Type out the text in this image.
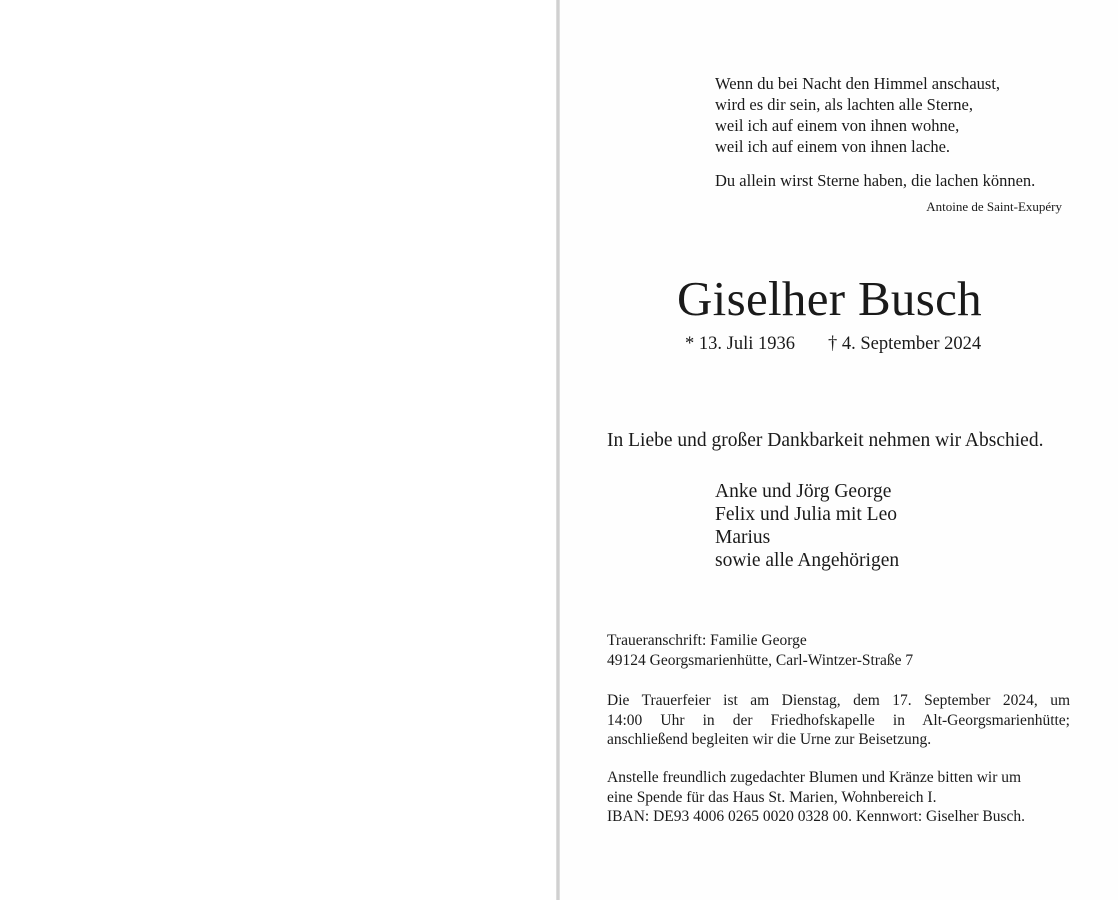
Wenn du bei Nacht den Himmel anschaust,
wird es dir sein, als lachten alle Sterne,
weil ich auf einem von ihnen wohne,
weil ich auf einem von ihnen lache.
Du allein wirst Sterne haben, die lachen können.
Antoine de Saint-Exupéry
Giselher Busch
* 13. Juli 1936 † 4. September 2024
In Liebe und großer Dankbarkeit nehmen wir Abschied.
Anke und Jörg George
Felix und Julia mit Leo
Marius
sowie alle Angehörigen
Traueranschrift: Familie George
49124 Georgsmarienhütte, Carl-Wintzer-Straße 7
Die Trauerfeier ist am Dienstag, dem 17. September 2024, um
14:00 Uhr in der Friedhofskapelle in Alt-Georgsmarienhütte;
anschließend begleiten wir die Urne zur Beisetzung.
Anstelle freundlich zugedachter Blumen und Kränze bitten wir um
eine Spende für das Haus St. Marien, Wohnbereich I.
IBAN: DE93 4006 0265 0020 0328 00. Kennwort: Giselher Busch.
